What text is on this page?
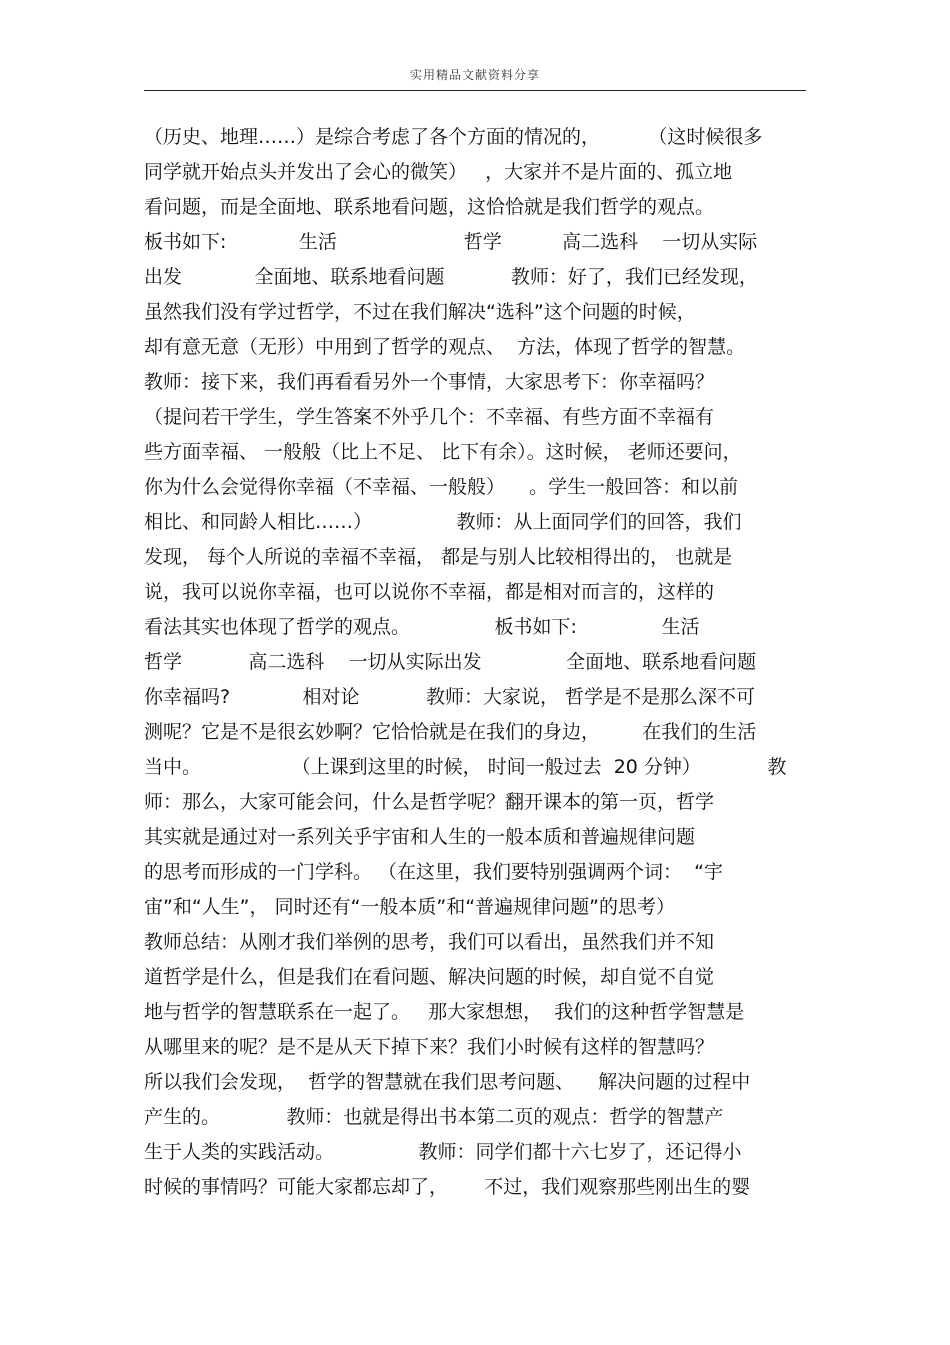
实用精品文献资料分享
（历史、地理……）是综合考虑了各个方面的情况的，        （这时候很多
同学就开始点头并发出了会心的微笑）   ，大家并不是片面的、孤立地
看问题，而是全面地、联系地看问题，这恰恰就是我们哲学的观点。
板书如下:            生活                     哲学          高二选科    一切从实际
出发            全面地、联系地看问题           教师：好了，我们已经发现，
虽然我们没有学过哲学，不过在我们解决“选科”这个问题的时候，
却有意无意（无形）中用到了哲学的观点、  方法，体现了哲学的智慧。
教师：接下来，我们再看看另外一个事情，大家思考下：你幸福吗？
（提问若干学生，学生答案不外乎几个：不幸福、有些方面不幸福有
些方面幸福、 一般般（比上不足、 比下有余）。这时候， 老师还要问，
你为什么会觉得你幸福（不幸福、一般般）    。学生一般回答：和以前
相比、和同龄人相比……）              教师：从上面同学们的回答，我们
发现， 每个人所说的幸福不幸福， 都是与别人比较相得出的， 也就是
说，我可以说你幸福，也可以说你不幸福，都是相对而言的，这样的
看法其实也体现了哲学的观点。              板书如下:              生活
哲学           高二选科    一切从实际出发              全面地、联系地看问题
你幸福吗?            相对论           教师：大家说， 哲学是不是那么深不可
测呢？它是不是很玄妙啊？它恰恰就是在我们的身边，       在我们的生活
当中。               （上课到这里的时候， 时间一般过去  20 分钟）           教
师：那么，大家可能会问，什么是哲学呢？翻开课本的第一页，哲学
其实就是通过对一系列关乎宇宙和人生的一般本质和普遍规律问题
的思考而形成的一门学科。 （在这里，我们要特别强调两个词：  “宇
宙”和“人生”， 同时还有“一般本质”和“普遍规律问题”的思考）
教师总结：从刚才我们举例的思考，我们可以看出，虽然我们并不知
道哲学是什么，但是我们在看问题、解决问题的时候，却自觉不自觉
地与哲学的智慧联系在一起了。   那大家想想，  我们的这种哲学智慧是
从哪里来的呢？是不是从天下掉下来？我们小时候有这样的智慧吗？
所以我们会发现，  哲学的智慧就在我们思考问题、    解决问题的过程中
产生的。           教师：也就是得出书本第二页的观点：哲学的智慧产
生于人类的实践活动。              教师：同学们都十六七岁了，还记得小
时候的事情吗？可能大家都忘却了，      不过，我们观察那些刚出生的婴
